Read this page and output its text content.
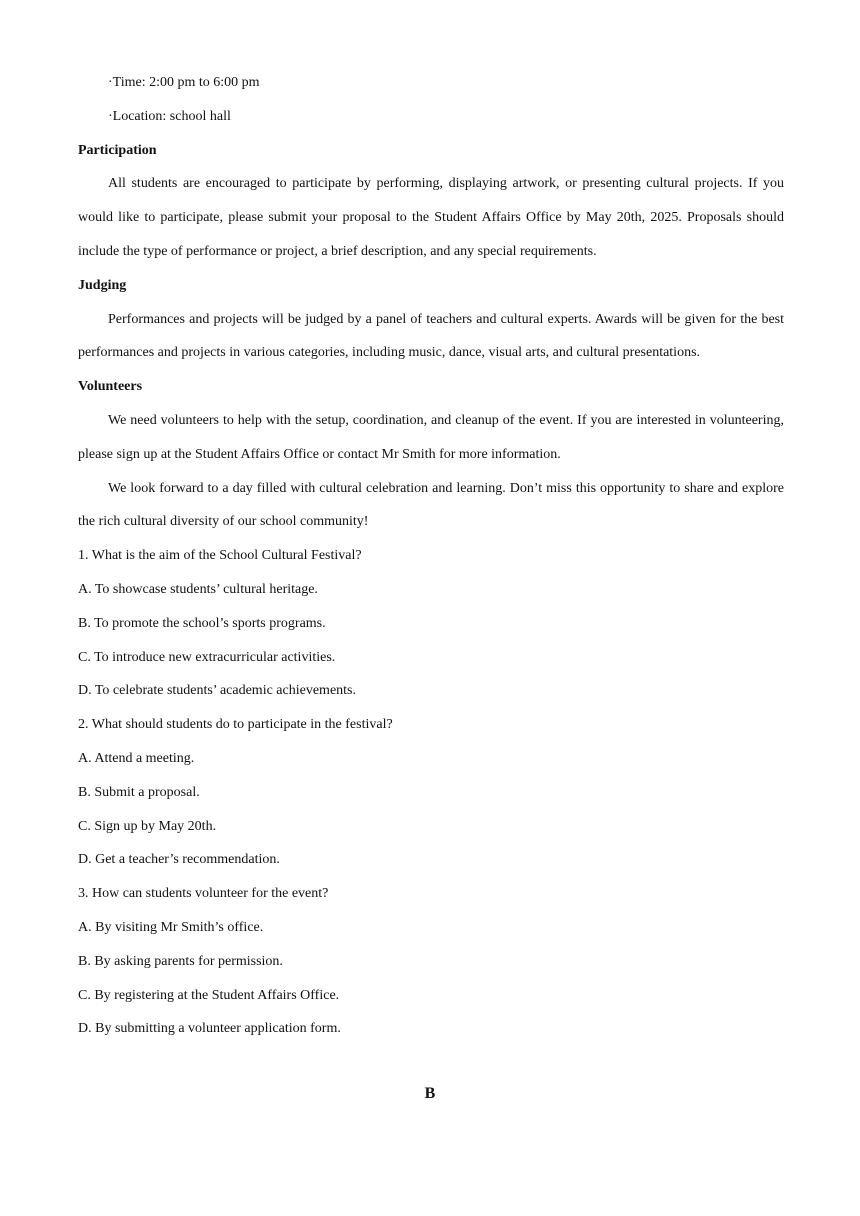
·Time: 2:00 pm to 6:00 pm

·Location: school hall

Participation

All students are encouraged to participate by performing, displaying artwork, or presenting cultural projects. If you would like to participate, please submit your proposal to the Student Affairs Office by May 20th, 2025. Proposals should include the type of performance or project, a brief description, and any special requirements.

Judging

Performances and projects will be judged by a panel of teachers and cultural experts. Awards will be given for the best performances and projects in various categories, including music, dance, visual arts, and cultural presentations.

Volunteers

We need volunteers to help with the setup, coordination, and cleanup of the event. If you are interested in volunteering, please sign up at the Student Affairs Office or contact Mr Smith for more information.

We look forward to a day filled with cultural celebration and learning. Don’t miss this opportunity to share and explore the rich cultural diversity of our school community!

1. What is the aim of the School Cultural Festival?

A. To showcase students’ cultural heritage.

B. To promote the school’s sports programs.

C. To introduce new extracurricular activities.

D. To celebrate students’ academic achievements.

2. What should students do to participate in the festival?

A. Attend a meeting.

B. Submit a proposal.

C. Sign up by May 20th.

D. Get a teacher’s recommendation.

3. How can students volunteer for the event?

A. By visiting Mr Smith’s office.

B. By asking parents for permission.

C. By registering at the Student Affairs Office.

D. By submitting a volunteer application form.

B
